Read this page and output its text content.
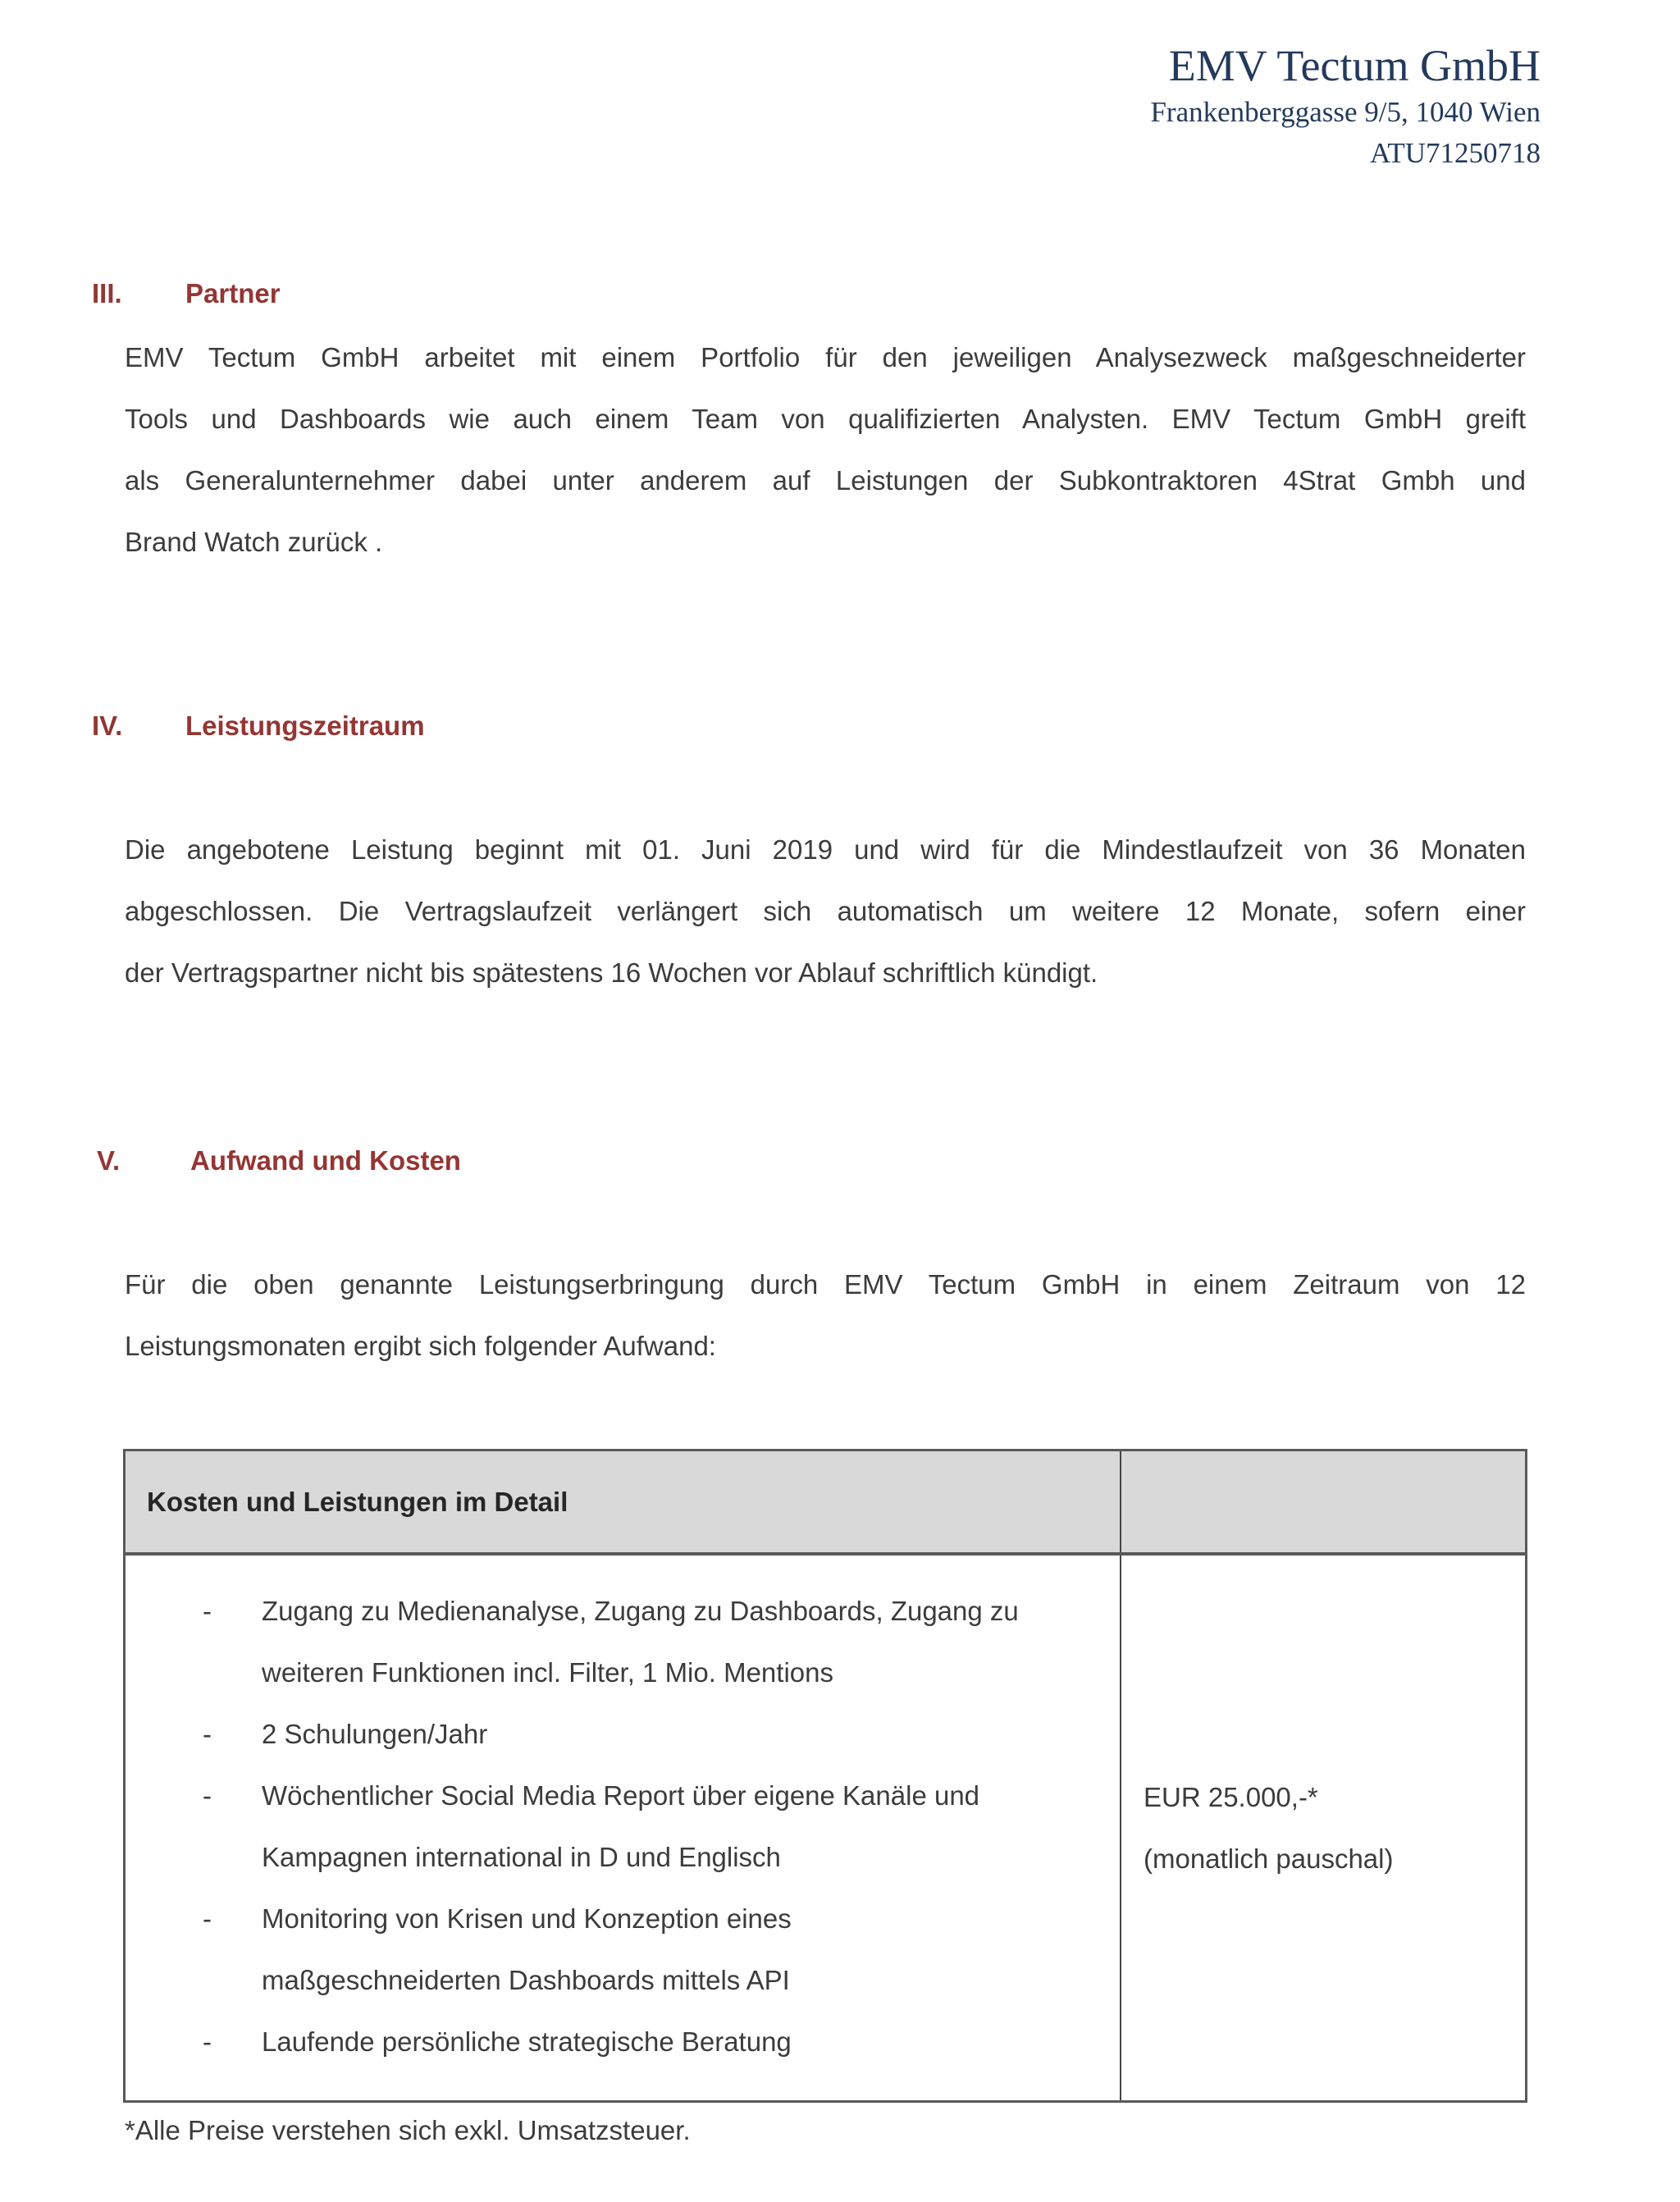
EMV Tectum GmbH
Frankenberggasse 9/5, 1040 Wien
ATU71250718
III. Partner
EMV Tectum GmbH arbeitet mit einem Portfolio für den jeweiligen Analysezweck maßgeschneiderter
Tools und Dashboards wie auch einem Team von qualifizierten Analysten. EMV Tectum GmbH greift
als Generalunternehmer dabei unter anderem auf Leistungen der Subkontraktoren 4Strat Gmbh und
Brand Watch zurück .
IV. Leistungszeitraum
Die angebotene Leistung beginnt mit 01. Juni 2019 und wird für die Mindestlaufzeit von 36 Monaten
abgeschlossen. Die Vertragslaufzeit verlängert sich automatisch um weitere 12 Monate, sofern einer
der Vertragspartner nicht bis spätestens 16 Wochen vor Ablauf schriftlich kündigt.
V.	Aufwand und Kosten
Für die oben genannte Leistungserbringung durch EMV Tectum GmbH in einem Zeitraum von 12
Leistungsmonaten ergibt sich folgender Aufwand:
Kosten und Leistungen im Detail
- Zugang zu Medienanalyse, Zugang zu Dashboards, Zugang zu
weiteren Funktionen incl. Filter, 1 Mio. Mentions
- 2 Schulungen/Jahr
- Wöchentlicher Social Media Report über eigene Kanäle und
Kampagnen international in D und Englisch
- Monitoring von Krisen und Konzeption eines
maßgeschneiderten Dashboards mittels API
- Laufende persönliche strategische Beratung
EUR 25.000,-*
(monatlich pauschal)
*Alle Preise verstehen sich exkl. Umsatzsteuer.
